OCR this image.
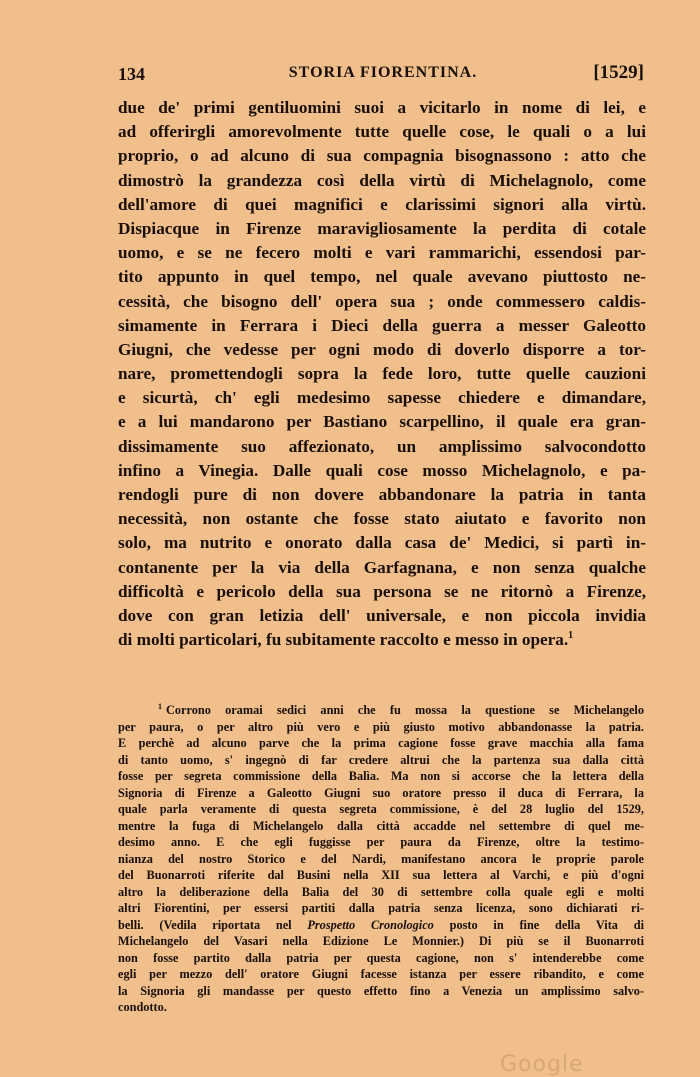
134	STORIA FIORENTINA.	[1529]
due de' primi gentiluomini suoi a vicitarlo in nome di lei, e
ad offerirgli amorevolmente tutte quelle cose, le quali o a lui
proprio, o ad alcuno di sua compagnia bisognassono : atto che
dimostrò la grandezza così della virtù di Michelagnolo, come
dell'amore di quei magnifici e clarissimi signori alla virtù.
Dispiacque in Firenze maravigliosamente la perdita di cotale
uomo, e se ne fecero molti e vari rammarichi, essendosi par-
tito appunto in quel tempo, nel quale avevano piuttosto ne-
cessità, che bisogno dell' opera sua ; onde commessero caldis-
simamente in Ferrara i Dieci della guerra a messer Galeotto
Giugni, che vedesse per ogni modo di doverlo disporre a tor-
nare, promettendogli sopra la fede loro, tutte quelle cauzioni
e sicurtà, ch' egli medesimo sapesse chiedere e dimandare,
e a lui mandarono per Bastiano scarpellino, il quale era gran-
dissimamente suo affezionato, un amplissimo salvocondotto
infino a Vinegia. Dalle quali cose mosso Michelagnolo, e pa-
rendogli pure di non dovere abbandonare la patria in tanta
necessità, non ostante che fosse stato aiutato e favorito non
solo, ma nutrito e onorato dalla casa de' Medici, si partì in-
contanente per la via della Garfagnana, e non senza qualche
difficoltà e pericolo della sua persona se ne ritornò a Firenze,
dove con gran letizia dell' universale, e non piccola invidia
di molti particolari, fu subitamente raccolto e messo in opera.$^1$
$^1$ Corrono oramai sedici anni che fu mossa la questione se Michelangelo
per paura, o per altro più vero e più giusto motivo abbandonasse la patria.
E perchè ad alcuno parve che la prima cagione fosse grave macchia alla fama
di tanto uomo, s' ingegnò di far credere altrui che la partenza sua dalla città
fosse per segreta commissione della Balìa. Ma non si accorse che la lettera della
Signoria di Firenze a Galeotto Giugni suo oratore presso il duca di Ferrara, la
quale parla veramente di questa segreta commissione, è del 28 luglio del 1529,
mentre la fuga di Michelangelo dalla città accadde nel settembre di quel me-
desimo anno. E che egli fuggisse per paura da Firenze, oltre la testimo-
nianza del nostro Storico e del Nardi, manifestano ancora le proprie parole
del Buonarroti riferite dal Busini nella XII sua lettera al Varchi, e più d'ogni
altro la deliberazione della Balìa del 30 di settembre colla quale egli e molti
altri Fiorentini, per essersi partiti dalla patria senza licenza, sono dichiarati ri-
belli. (Vedila riportata nel Prospetto Cronologico posto in fine della Vita di
Michelangelo del Vasari nella Edizione Le Monnier.) Di più se il Buonarroti
non fosse partito dalla patria per questa cagione, non s' intenderebbe come
egli per mezzo dell' oratore Giugni facesse istanza per essere ribandito, e come
la Signoria gli mandasse per questo effetto fino a Venezia un amplissimo salvo-
condotto.
Google
